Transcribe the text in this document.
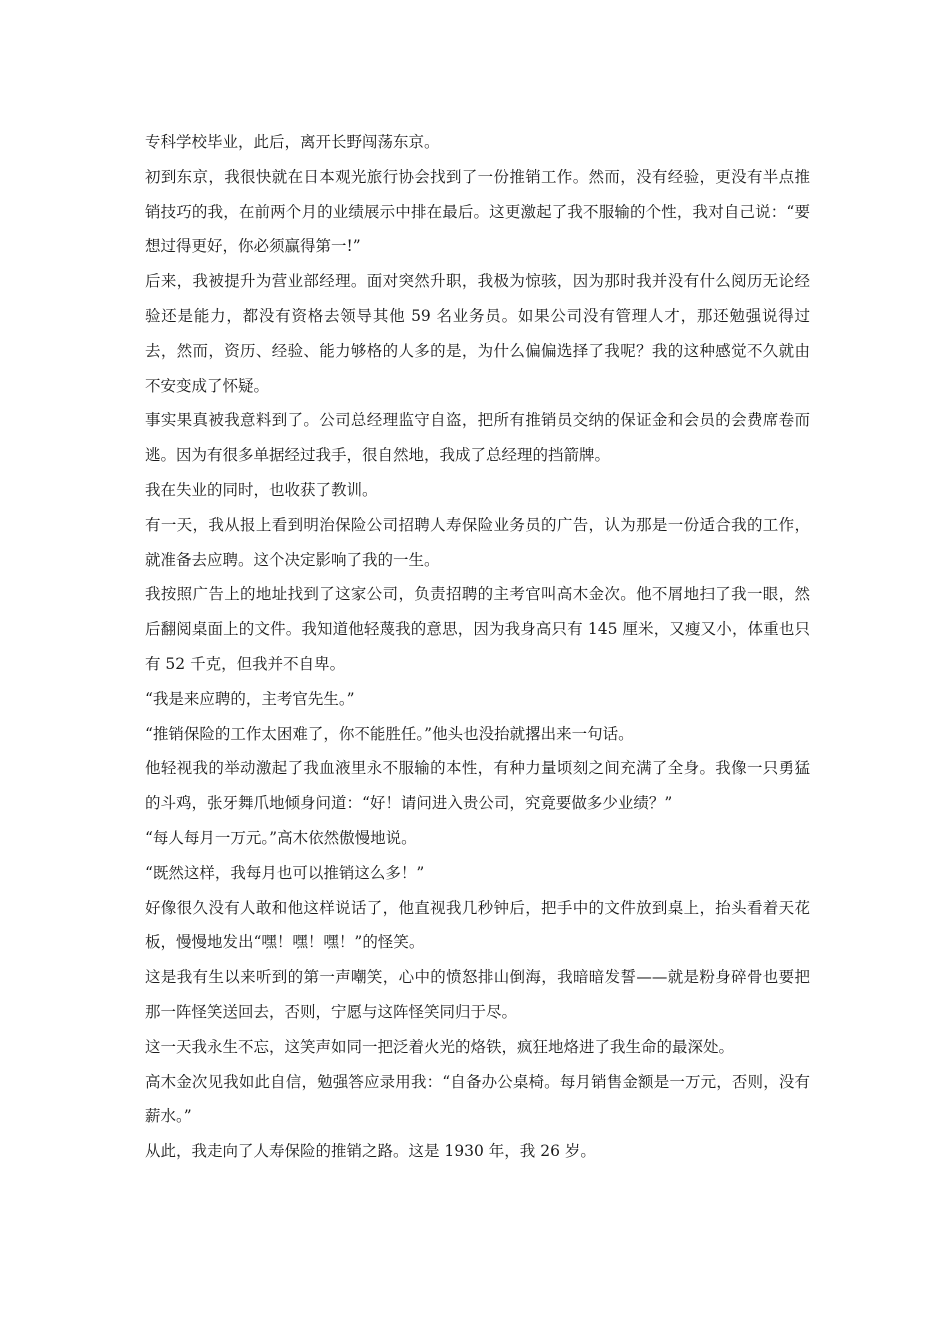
专科学校毕业，此后，离开长野闯荡东京。

初到东京，我很快就在日本观光旅行协会找到了一份推销工作。然而，没有经验，更没有半点推销技巧的我，在前两个月的业绩展示中排在最后。这更激起了我不服输的个性，我对自己说：“要想过得更好，你必须赢得第一!”

后来，我被提升为营业部经理。面对突然升职，我极为惊骇，因为那时我并没有什么阅历无论经验还是能力，都没有资格去领导其他 59 名业务员。如果公司没有管理人才，那还勉强说得过去，然而，资历、经验、能力够格的人多的是，为什么偏偏选择了我呢？我的这种感觉不久就由不安变成了怀疑。

事实果真被我意料到了。公司总经理监守自盗，把所有推销员交纳的保证金和会员的会费席卷而逃。因为有很多单据经过我手，很自然地，我成了总经理的挡箭牌。

我在失业的同时，也收获了教训。

有一天，我从报上看到明治保险公司招聘人寿保险业务员的广告，认为那是一份适合我的工作，就准备去应聘。这个决定影响了我的一生。

我按照广告上的地址找到了这家公司，负责招聘的主考官叫高木金次。他不屑地扫了我一眼，然后翻阅桌面上的文件。我知道他轻蔑我的意思，因为我身高只有 145 厘米，又瘦又小，体重也只有 52 千克，但我并不自卑。

“我是来应聘的，主考官先生。”

“推销保险的工作太困难了，你不能胜任。”他头也没抬就撂出来一句话。

他轻视我的举动激起了我血液里永不服输的本性，有种力量顷刻之间充满了全身。我像一只勇猛的斗鸡，张牙舞爪地倾身问道：“好！请问进入贵公司，究竟要做多少业绩？”

“每人每月一万元。”高木依然傲慢地说。

“既然这样，我每月也可以推销这么多！”

好像很久没有人敢和他这样说话了，他直视我几秒钟后，把手中的文件放到桌上，抬头看着天花板，慢慢地发出“嘿！嘿！嘿！”的怪笑。

这是我有生以来听到的第一声嘲笑，心中的愤怒排山倒海，我暗暗发誓——就是粉身碎骨也要把那一阵怪笑送回去，否则，宁愿与这阵怪笑同归于尽。

这一天我永生不忘，这笑声如同一把泛着火光的烙铁，疯狂地烙进了我生命的最深处。

高木金次见我如此自信，勉强答应录用我：“自备办公桌椅。每月销售金额是一万元，否则，没有薪水。”

从此，我走向了人寿保险的推销之路。这是 1930 年，我 26 岁。
